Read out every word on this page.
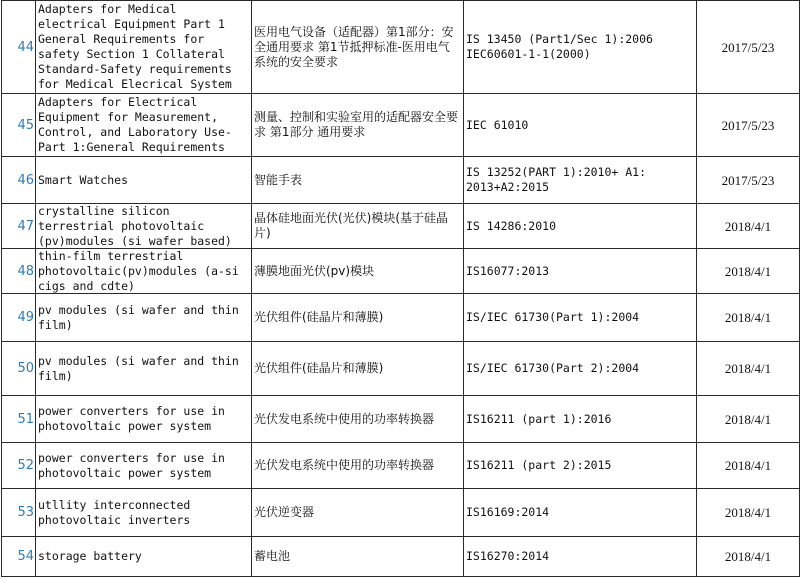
44	Adapters for Medical electrical Equipment Part 1 General Requirements for safety Section 1 Collateral Standard-Safety requirements for Medical Elecrical System	医用电气设备（适配器）第1部分：安全通用要求 第1节抵押标准-医用电气系统的安全要求	IS 13450 (Part1/Sec 1):2006 IEC60601-1-1(2000)	2017/5/23
45	Adapters for Electrical Equipment for Measurement, Control, and Laboratory Use-Part 1:General Requirements	测量、控制和实验室用的适配器安全要求 第1部分 通用要求	IEC 61010	2017/5/23
46	Smart Watches	智能手表	IS 13252(PART 1):2010+ A1: 2013+A2:2015	2017/5/23
47	crystalline silicon terrestrial photovoltaic (pv)modules (si wafer based)	晶体硅地面光伏(光伏)模块(基于硅晶片)	IS 14286:2010	2018/4/1
48	thin-film terrestrial photovoltaic(pv)modules (a-si cigs and cdte)	薄膜地面光伏(pv)模块	IS16077:2013	2018/4/1
49	pv modules (si wafer and thin film)	光伏组件(硅晶片和薄膜)	IS/IEC 61730(Part 1):2004	2018/4/1
50	pv modules (si wafer and thin film)	光伏组件(硅晶片和薄膜)	IS/IEC 61730(Part 2):2004	2018/4/1
51	power converters for use in photovoltaic power system	光伏发电系统中使用的功率转换器	IS16211 (part 1):2016	2018/4/1
52	power converters for use in photovoltaic power system	光伏发电系统中使用的功率转换器	IS16211 (part 2):2015	2018/4/1
53	utllity interconnected photovoltaic inverters	光伏逆变器	IS16169:2014	2018/4/1
54	storage battery	蓄电池	IS16270:2014	2018/4/1
